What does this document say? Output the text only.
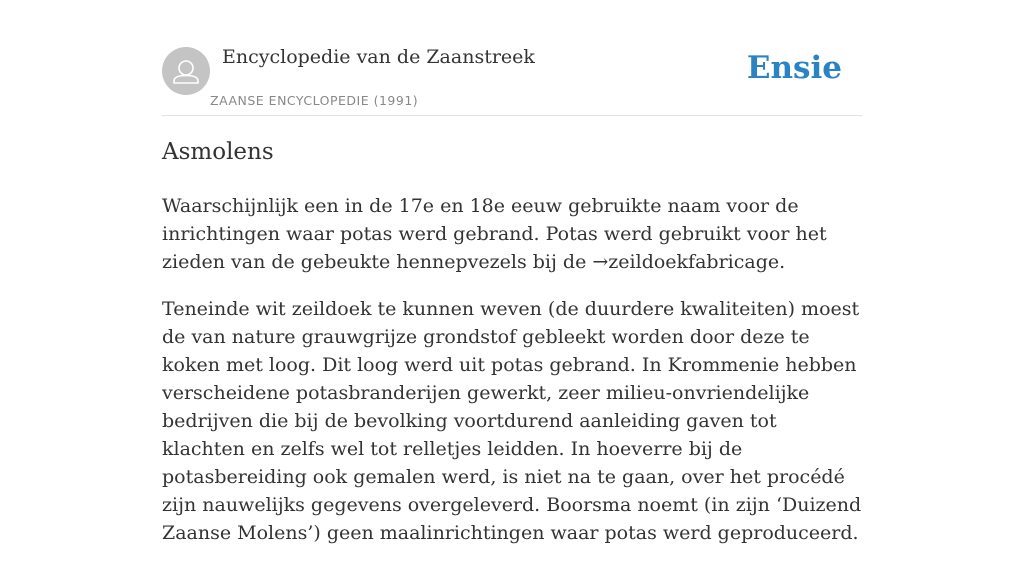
Encyclopedie van de Zaanstreek
ZAANSE ENCYCLOPEDIE (1991)
Ensie
Asmolens

Waarschijnlijk een in de 17e en 18e eeuw gebruikte naam voor de inrichtingen waar potas werd gebrand. Potas werd gebruikt voor het zieden van de gebeukte hennepvezels bij de →zeildoekfabricage.

Teneinde wit zeildoek te kunnen weven (de duurdere kwaliteiten) moest de van nature grauwgrijze grondstof gebleekt worden door deze te koken met loog. Dit loog werd uit potas gebrand. In Krommenie hebben verscheidene potasbranderijen gewerkt, zeer milieu-onvriendelijke bedrijven die bij de bevolking voortdurend aanleiding gaven tot klachten en zelfs wel tot relletjes leidden. In hoeverre bij de potasbereiding ook gemalen werd, is niet na te gaan, over het procédé zijn nauwelijks gegevens overgeleverd. Boorsma noemt (in zijn ‘Duizend Zaanse Molens’) geen maalinrichtingen waar potas werd geproduceerd.
